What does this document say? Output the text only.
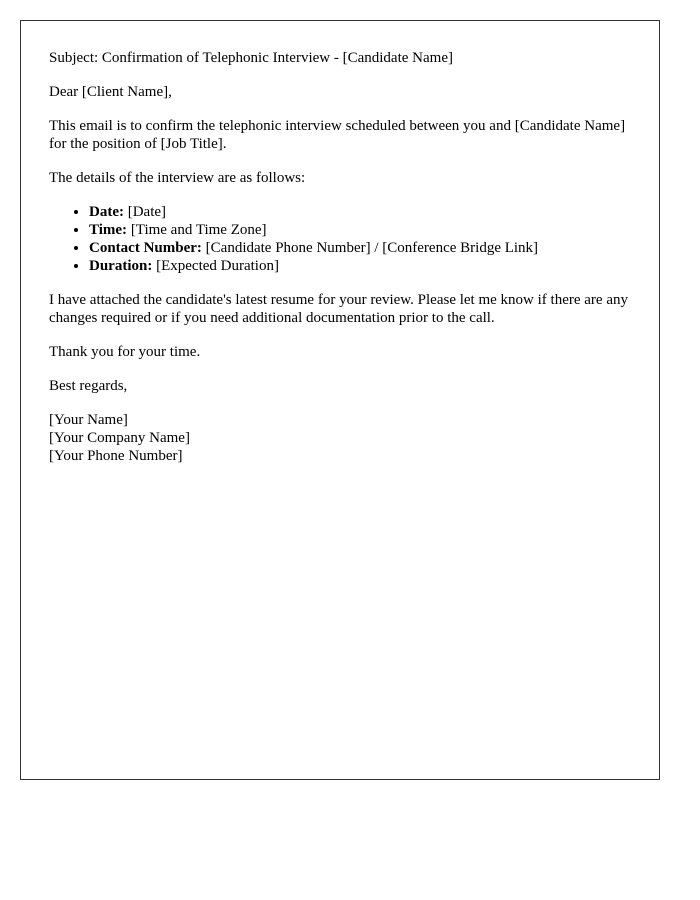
Subject: Confirmation of Telephonic Interview - [Candidate Name]

Dear [Client Name],

This email is to confirm the telephonic interview scheduled between you and [Candidate Name] for the position of [Job Title].

The details of the interview are as follows:

• Date: [Date]
• Time: [Time and Time Zone]
• Contact Number: [Candidate Phone Number] / [Conference Bridge Link]
• Duration: [Expected Duration]

I have attached the candidate's latest resume for your review. Please let me know if there are any changes required or if you need additional documentation prior to the call.

Thank you for your time.

Best regards,

[Your Name]

[Your Company Name]

[Your Phone Number]
